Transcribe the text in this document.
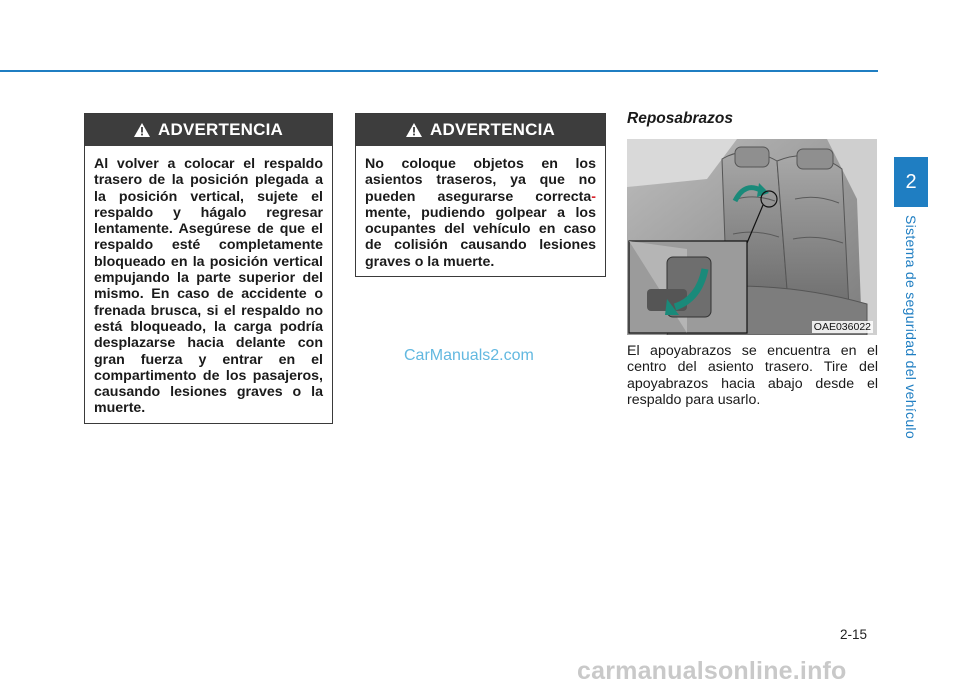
ADVERTENCIA
Al volver a colocar el respaldo trasero de la posición plegada a la posición vertical, sujete el respaldo y hágalo regresar lentamente. Asegúrese de que el respaldo esté completamente bloqueado en la posición vertical empujando la parte superior del mismo. En caso de accidente o frenada brusca, si el respaldo no está bloqueado, la carga podría desplazarse hacia delante con gran fuerza y entrar en el compartimento de los pasajeros, causando lesiones graves o la muerte.
ADVERTENCIA
No coloque objetos en los asientos traseros, ya que no pueden asegurarse correcta- mente, pudiendo golpear a los ocupantes del vehículo en caso de colisión causando lesiones graves o la muerte.
Reposabrazos
OAE036022
El apoyabrazos se encuentra en el centro del asiento trasero. Tire del apoyabrazos hacia abajo desde el respaldo para usarlo.
CarManuals2.com
2
Sistema de seguridad del vehículo
2-15
carmanualsonline.info
